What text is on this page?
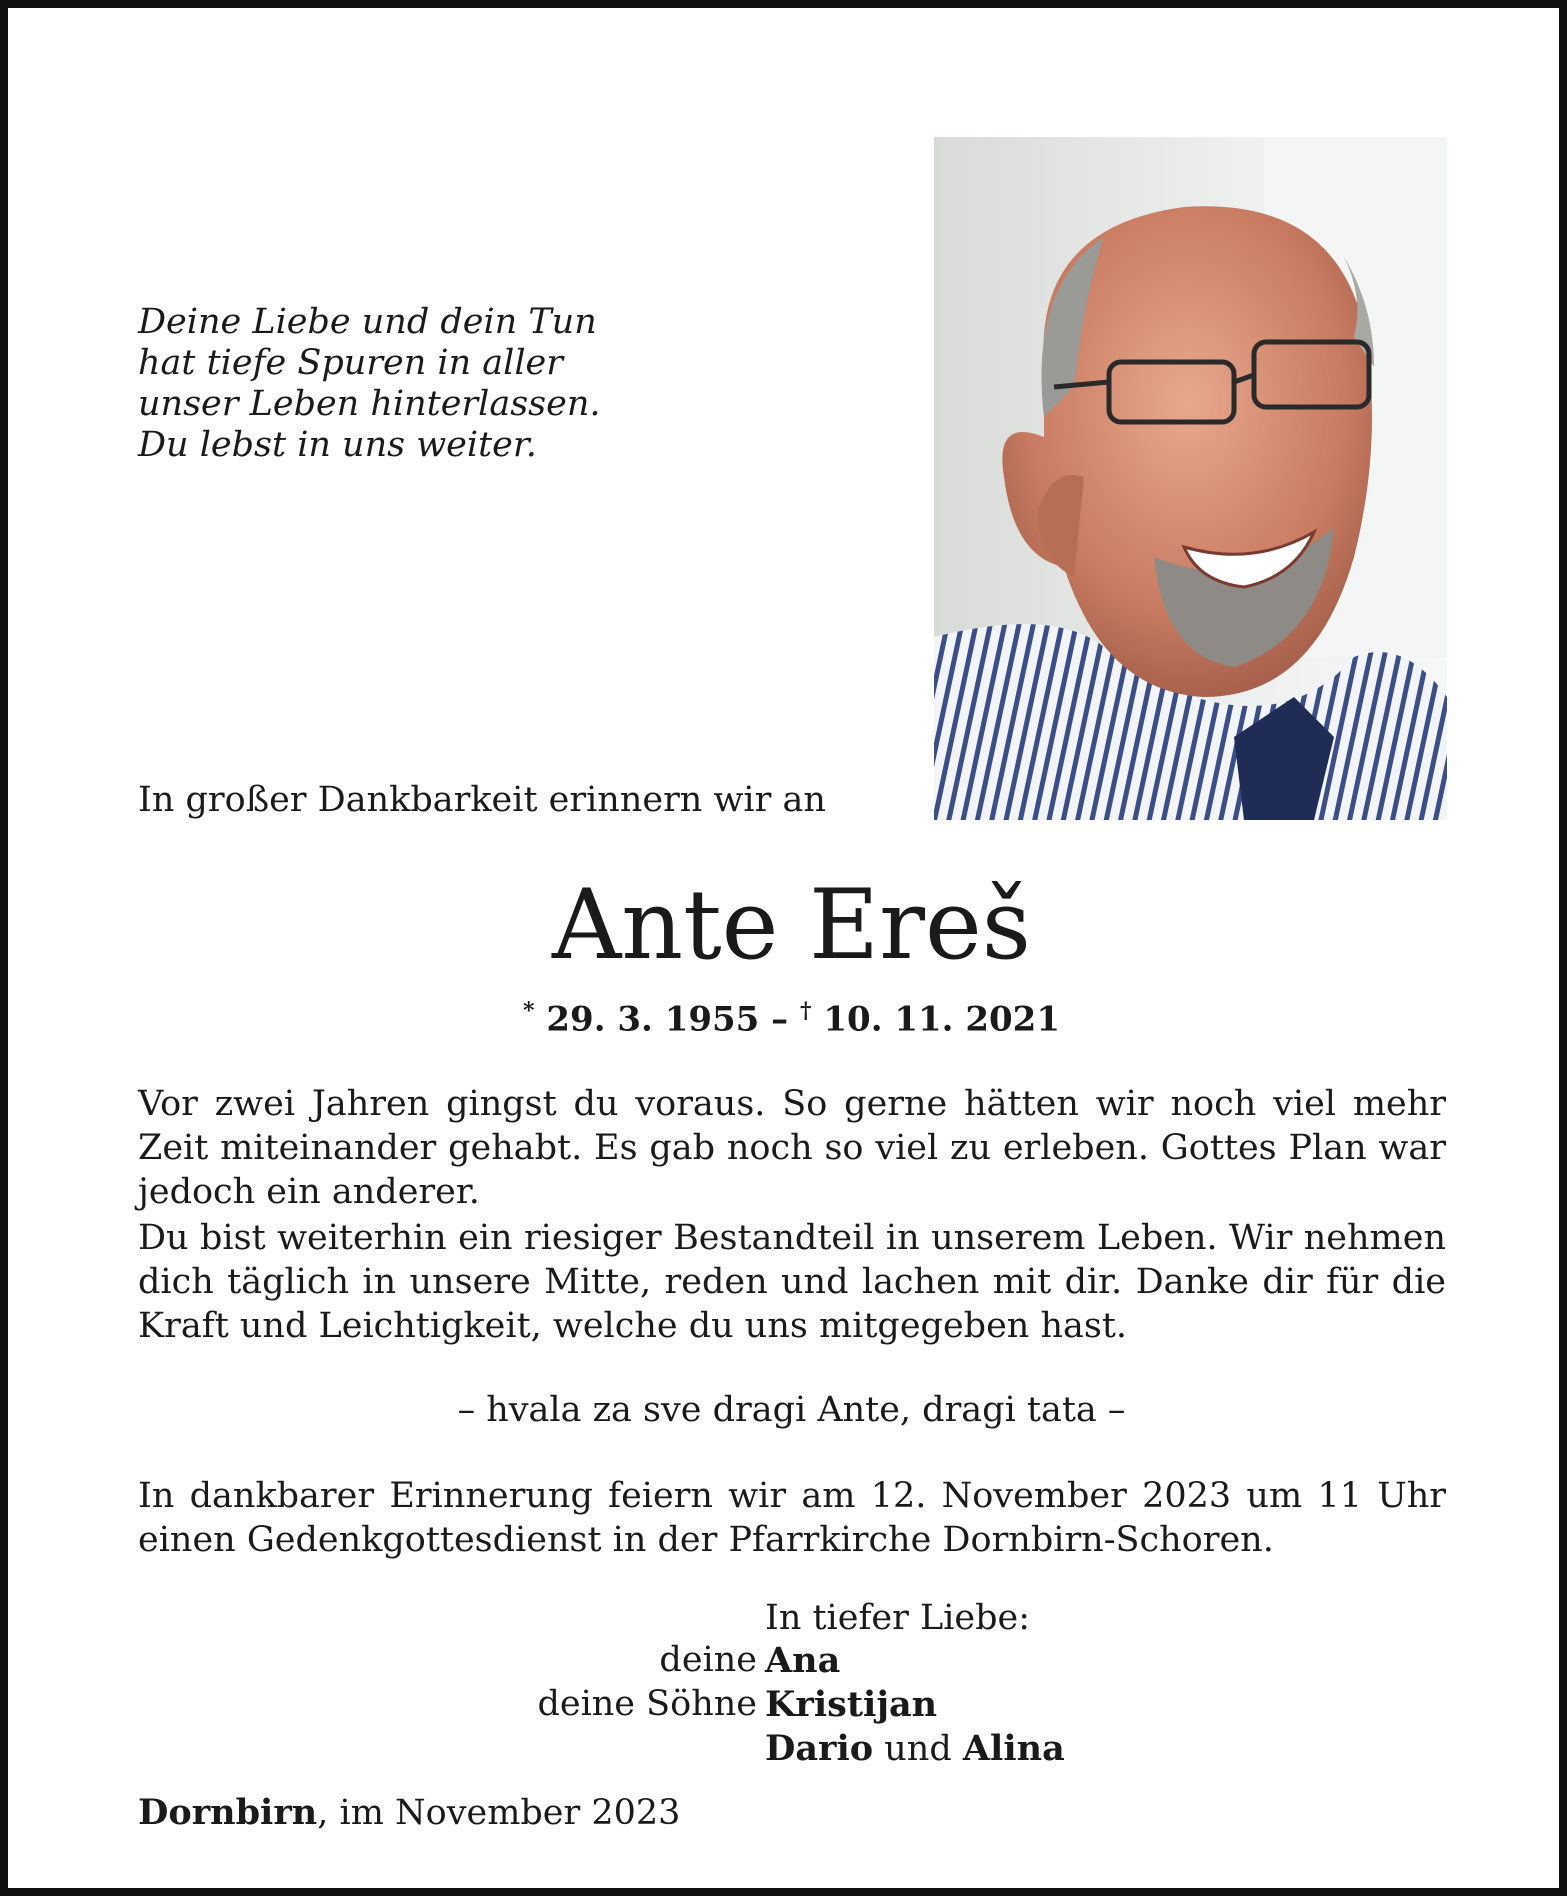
Deine Liebe und dein Tun
hat tiefe Spuren in aller
unser Leben hinterlassen.
Du lebst in uns weiter.
In großer Dankbarkeit erinnern wir an
Ante Ereš
* 29. 3. 1955 – † 10. 11. 2021
Vor zwei Jahren gingst du voraus. So gerne hätten wir noch viel mehr Zeit miteinander gehabt. Es gab noch so viel zu erleben. Gottes Plan war jedoch ein anderer.
Du bist weiterhin ein riesiger Bestandteil in unserem Leben. Wir nehmen dich täglich in unsere Mitte, reden und lachen mit dir. Danke dir für die Kraft und Leichtigkeit, welche du uns mitgegeben hast.
– hvala za sve dragi Ante, dragi tata –
In dankbarer Erinnerung feiern wir am 12. November 2023 um 11 Uhr einen Gedenkgottesdienst in der Pfarrkirche Dornbirn-Schoren.
In tiefer Liebe:
deine Ana
deine Söhne Kristijan
Dario und Alina
Dornbirn, im November 2023
